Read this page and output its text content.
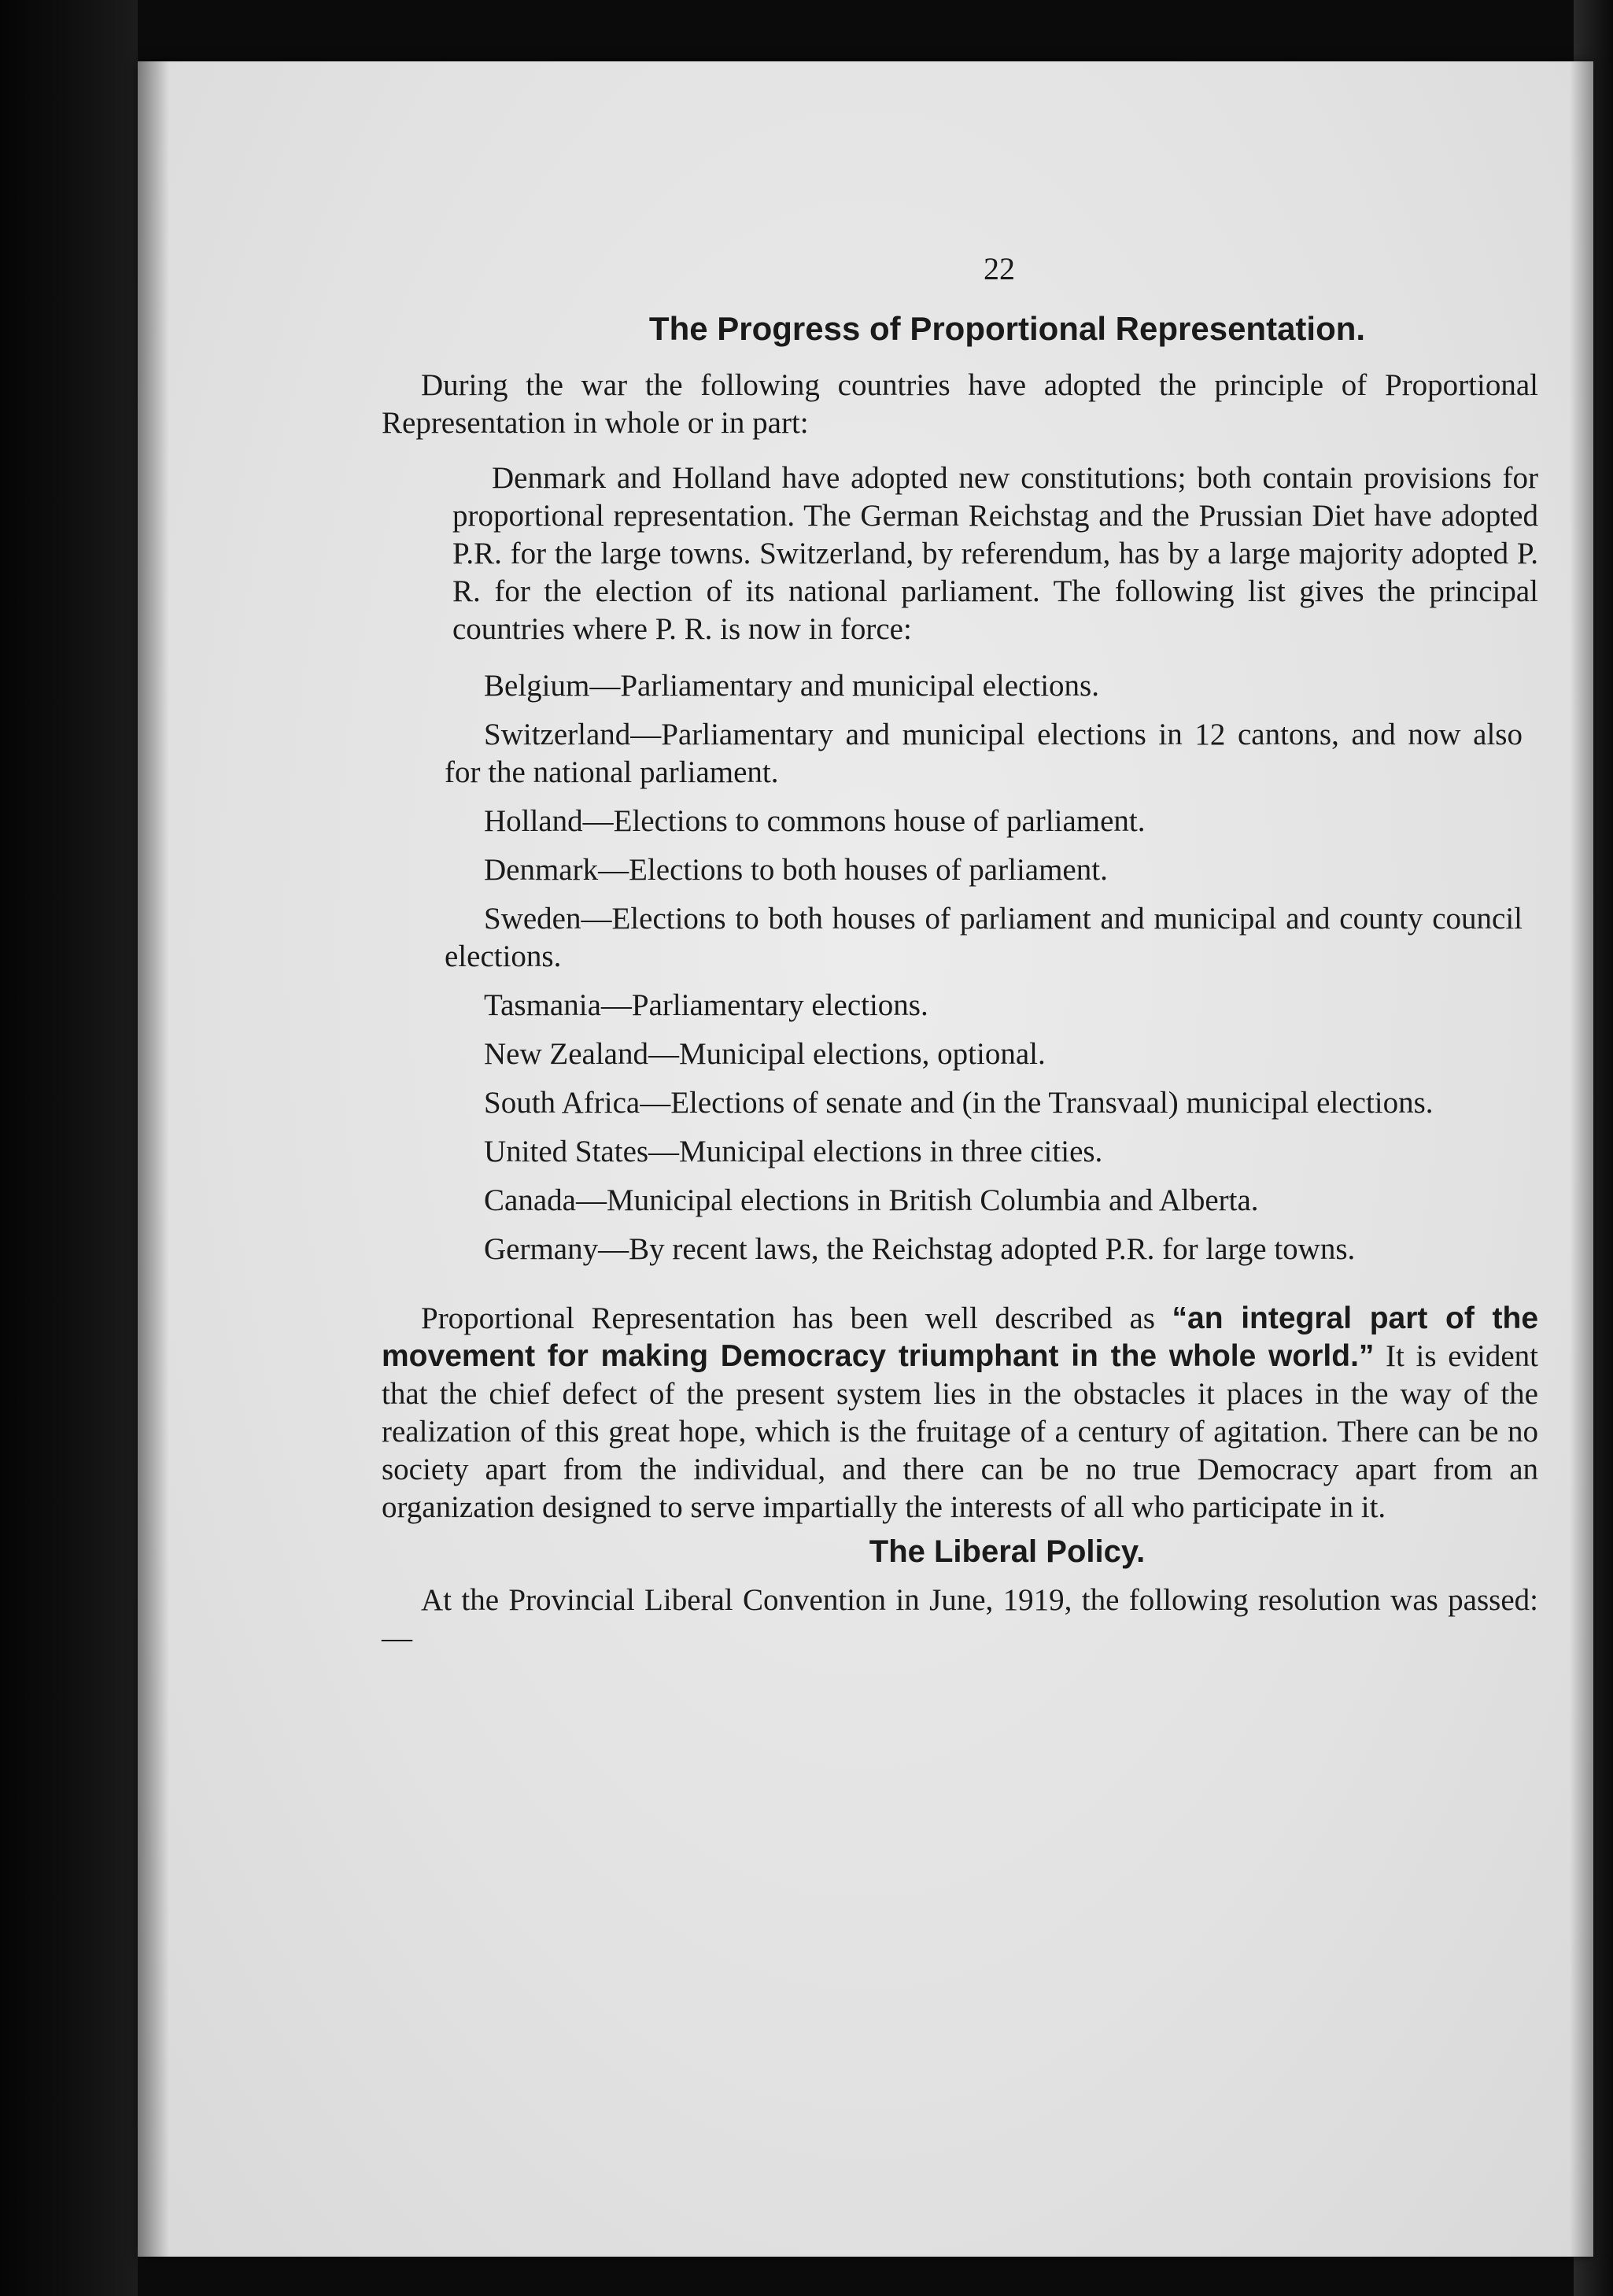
22
The Progress of Proportional Representation.

During the war the following countries have adopted the principle of Proportional Representation in whole or in part:

Denmark and Holland have adopted new constitutions; both contain provisions for proportional representation. The German Reichstag and the Prussian Diet have adopted P.R. for the large towns. Switzerland, by referendum, has by a large majority adopted P. R. for the election of its national parliament. The following list gives the principal countries where P. R. is now in force:

Belgium—Parliamentary and municipal elections.

Switzerland—Parliamentary and municipal elections in 12 cantons, and now also for the national parliament.

Holland—Elections to commons house of parliament.

Denmark—Elections to both houses of parliament.

Sweden—Elections to both houses of parliament and municipal and county council elections.

Tasmania—Parliamentary elections.

New Zealand—Municipal elections, optional.

South Africa—Elections of senate and (in the Transvaal) municipal elections.

United States—Municipal elections in three cities.

Canada—Municipal elections in British Columbia and Alberta.

Germany—By recent laws, the Reichstag adopted P.R. for large towns.

Proportional Representation has been well described as “an integral part of the movement for making Democracy triumphant in the whole world.” It is evident that the chief defect of the present system lies in the obstacles it places in the way of the realization of this great hope, which is the fruitage of a century of agitation. There can be no society apart from the individual, and there can be no true Democracy apart from an organization designed to serve impartially the interests of all who participate in it.

The Liberal Policy.

At the Provincial Liberal Convention in June, 1919, the following resolution was passed:—
